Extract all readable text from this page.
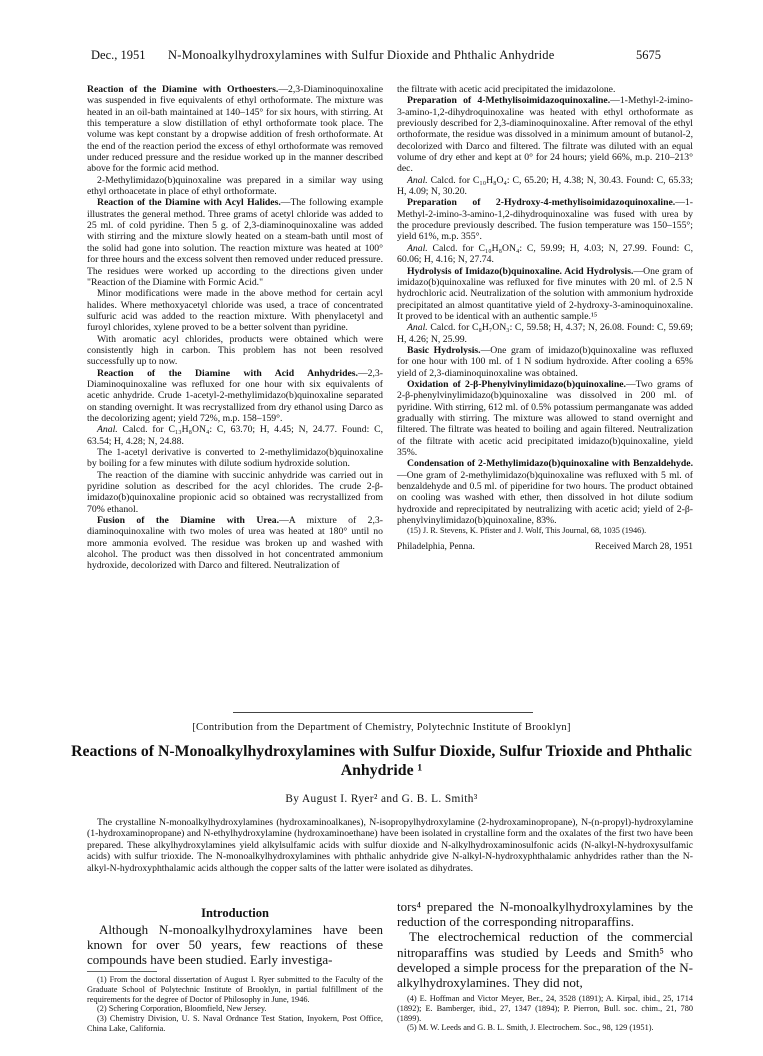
Dec., 1951 N-Monoalkylhydroxylamines with Sulfur Dioxide and Phthalic Anhydride	5675

Reaction of the Diamine with Orthoesters.—2,3-Diaminoquinoxaline was suspended in five equivalents of ethyl orthoformate. The mixture was heated in an oil-bath maintained at 140–145° for six hours, with stirring. At this temperature a slow distillation of ethyl orthoformate took place. The volume was kept constant by a dropwise addition of fresh orthoformate. At the end of the reaction period the excess of ethyl orthoformate was removed under reduced pressure and the residue worked up in the manner described above for the formic acid method.

2-Methylimidazo(b)quinoxaline was prepared in a similar way using ethyl orthoacetate in place of ethyl orthoformate.

Reaction of the Diamine with Acyl Halides.—The following example illustrates the general method. Three grams of acetyl chloride was added to 25 ml. of cold pyridine. Then 5 g. of 2,3-diaminoquinoxaline was added with stirring and the mixture slowly heated on a steam-bath until most of the solid had gone into solution. The reaction mixture was heated at 100° for three hours and the excess solvent then removed under reduced pressure. The residues were worked up according to the directions given under "Reaction of the Diamine with Formic Acid."

Minor modifications were made in the above method for certain acyl halides. Where methoxyacetyl chloride was used, a trace of concentrated sulfuric acid was added to the reaction mixture. With phenylacetyl and furoyl chlorides, xylene proved to be a better solvent than pyridine.

With aromatic acyl chlorides, products were obtained which were consistently high in carbon. This problem has not been resolved successfully up to now.

Reaction of the Diamine with Acid Anhydrides.—2,3-Diaminoquinoxaline was refluxed for one hour with six equivalents of acetic anhydride. Crude 1-acetyl-2-methylimidazo(b)quinoxaline separated on standing overnight. It was recrystallized from dry ethanol using Darco as the decolorizing agent; yield 72%, m.p. 158–159°.

Anal. Calcd. for C₁₃H₈ON₄: C, 63.70; H, 4.45; N, 24.77. Found: C, 63.54; H, 4.28; N, 24.88.

The 1-acetyl derivative is converted to 2-methylimidazo(b)quinoxaline by boiling for a few minutes with dilute sodium hydroxide solution.

The reaction of the diamine with succinic anhydride was carried out in pyridine solution as described for the acyl chlorides. The crude 2-β-imidazo(b)quinoxaline propionic acid so obtained was recrystallized from 70% ethanol.

Fusion of the Diamine with Urea.—A mixture of 2,3-diaminoquinoxaline with two moles of urea was heated at 180° until no more ammonia evolved. The residue was broken up and washed with alcohol. The product was then dissolved in hot concentrated ammonium hydroxide, decolorized with Darco and filtered. Neutralization of

the filtrate with acetic acid precipitated the imidazolone.

Preparation of 4-Methylisoimidazoquinoxaline.—1-Methyl-2-imino-3-amino-1,2-dihydroquinoxaline was heated with ethyl orthoformate as previously described for 2,3-diaminoquinoxaline. After removal of the ethyl orthoformate, the residue was dissolved in a minimum amount of butanol-2, decolorized with Darco and filtered. The filtrate was diluted with an equal volume of dry ether and kept at 0° for 24 hours; yield 66%, m.p. 210–213° dec.

Anal. Calcd. for C₁₀H₈O₄: C, 65.20; H, 4.38; N, 30.43. Found: C, 65.33; H, 4.09; N, 30.20.

Preparation of 2-Hydroxy-4-methylisoimidazoquinoxaline.—1-Methyl-2-imino-3-amino-1,2-dihydroquinoxaline was fused with urea by the procedure previously described. The fusion temperature was 150–155°; yield 61%, m.p. 355°.

Anal. Calcd. for C₁₀H₈ON₄: C, 59.99; H, 4.03; N, 27.99. Found: C, 60.06; H, 4.16; N, 27.74.

Hydrolysis of Imidazo(b)quinoxaline. Acid Hydrolysis.—One gram of imidazo(b)quinoxaline was refluxed for five minutes with 20 ml. of 2.5 N hydrochloric acid. Neutralization of the solution with ammonium hydroxide precipitated an almost quantitative yield of 2-hydroxy-3-aminoquinoxaline. It proved to be identical with an authentic sample.¹⁵

Anal. Calcd. for C₈H₇ON₃: C, 59.58; H, 4.37; N, 26.08. Found: C, 59.69; H, 4.26; N, 25.99.

Basic Hydrolysis.—One gram of imidazo(b)quinoxaline was refluxed for one hour with 100 ml. of 1 N sodium hydroxide. After cooling a 65% yield of 2,3-diaminoquinoxaline was obtained.

Oxidation of 2-β-Phenylvinylimidazo(b)quinoxaline.—Two grams of 2-β-phenylvinylimidazo(b)quinoxaline was dissolved in 200 ml. of pyridine. With stirring, 612 ml. of 0.5% potassium permanganate was added gradually with stirring. The mixture was allowed to stand overnight and filtered. The filtrate was heated to boiling and again filtered. Neutralization of the filtrate with acetic acid precipitated imidazo(b)quinoxaline, yield 35%.

Condensation of 2-Methylimidazo(b)quinoxaline with Benzaldehyde.—One gram of 2-methylimidazo(b)quinoxaline was refluxed with 5 ml. of benzaldehyde and 0.5 ml. of piperidine for two hours. The product obtained on cooling was washed with ether, then dissolved in hot dilute sodium hydroxide and reprecipitated by neutralizing with acetic acid; yield of 2-β-phenylvinylimidazo(b)quinoxaline, 83%.

(15) J. R. Stevens, K. Pfister and J. Wolf, This Journal, 68, 1035 (1946).

Philadelphia, Penna.	Received March 28, 1951
[Contribution from the Department of Chemistry, Polytechnic Institute of Brooklyn]
Reactions of N-Monoalkylhydroxylamines with Sulfur Dioxide, Sulfur Trioxide and Phthalic Anhydride ¹
By August I. Ryer² and G. B. L. Smith³

The crystalline N-monoalkylhydroxylamines (hydroxaminoalkanes), N-isopropylhydroxylamine (2-hydroxaminopropane), N-(n-propyl)-hydroxylamine (1-hydroxaminopropane) and N-ethylhydroxylamine (hydroxaminoethane) have been isolated in crystalline form and the oxalates of the first two have been prepared. These alkylhydroxylamines yield alkylsulfamic acids with sulfur dioxide and N-alkylhydroxaminosulfonic acids (N-alkyl-N-hydroxysulfamic acids) with sulfur trioxide. The N-monoalkylhydroxylamines with phthalic anhydride give N-alkyl-N-hydroxyphthalamic anhydrides rather than the N-alkyl-N-hydroxyphthalamic acids although the copper salts of the latter were isolated as dihydrates.

Introduction

Although N-monoalkylhydroxylamines have been known for over 50 years, few reactions of these compounds have been studied. Early investiga-

tors⁴ prepared the N-monoalkylhydroxylamines by the reduction of the corresponding nitroparaffins.

The electrochemical reduction of the commercial nitroparaffins was studied by Leeds and Smith⁵ who developed a simple process for the preparation of the N-alkylhydroxylamines. They did not,

(1) From the doctoral dissertation of August I. Ryer submitted to the Faculty of the Graduate School of Polytechnic Institute of Brooklyn, in partial fulfillment of the requirements for the degree of Doctor of Philosophy in June, 1946.

(2) Schering Corporation, Bloomfield, New Jersey.

(3) Chemistry Division, U. S. Naval Ordnance Test Station, Inyokern, Post Office, China Lake, California.

(4) E. Hoffman and Victor Meyer, Ber., 24, 3528 (1891); A. Kirpal, ibid., 25, 1714 (1892); E. Bamberger, ibid., 27, 1347 (1894); P. Pierron, Bull. soc. chim., 21, 780 (1899).

(5) M. W. Leeds and G. B. L. Smith, J. Electrochem. Soc., 98, 129 (1951).
